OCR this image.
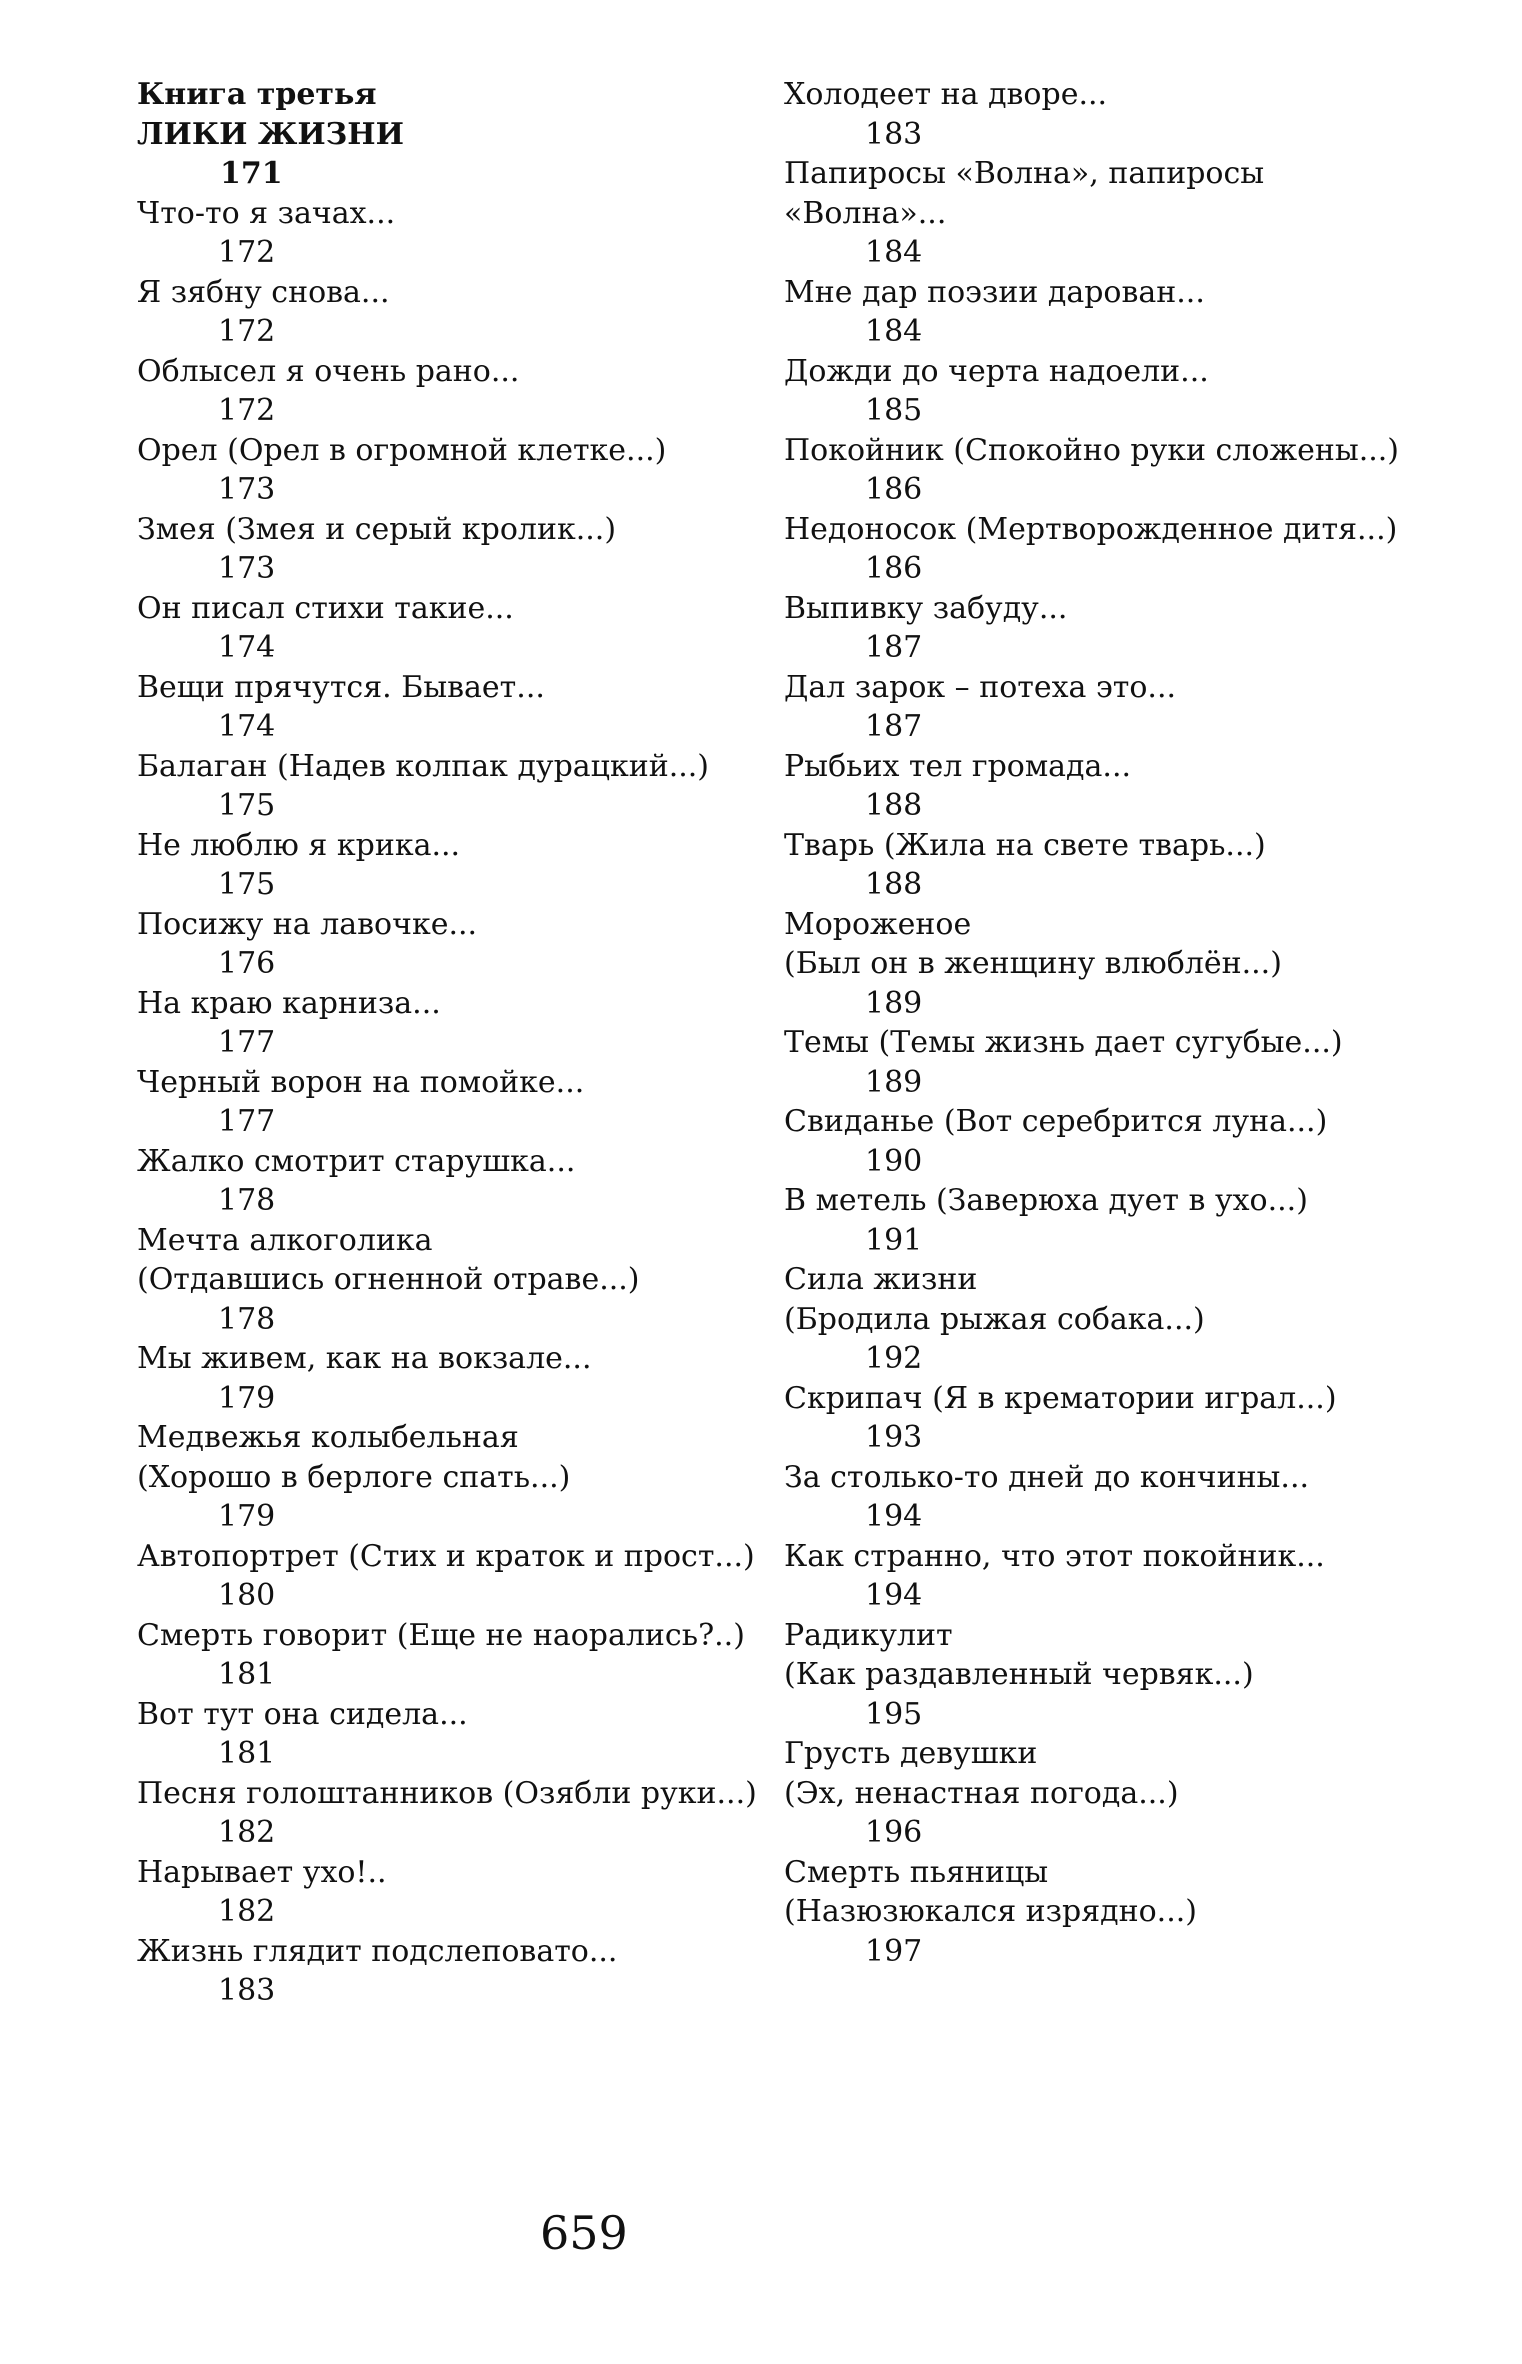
Книга третья
ЛИКИ ЖИЗНИ
171
Что-то я зачах...
172
Я зябну снова...
172
Облысел я очень рано...
172
Орел (Орел в огромной клетке...)
173
Змея (Змея и серый кролик...)
173
Он писал стихи такие...
174
Вещи прячутся. Бывает...
174
Балаган (Надев колпак дурацкий...)
175
Не люблю я крика...
175
Посижу на лавочке...
176
На краю карниза...
177
Черный ворон на помойке...
177
Жалко смотрит старушка...
178
Мечта алкоголика
(Отдавшись огненной отраве...)
178
Мы живем, как на вокзале...
179
Медвежья колыбельная
(Хорошо в берлоге спать...)
179
Автопортрет (Стих и краток и прост...)
180
Смерть говорит (Еще не наорались?..)
181
Вот тут она сидела...
181
Песня голоштанников (Озябли руки...)
182
Нарывает ухо!..
182
Жизнь глядит подслеповато...
183
Холодеет на дворе...
183
Папиросы «Волна», папиросы
«Волна»...
184
Мне дар поэзии дарован...
184
Дожди до черта надоели...
185
Покойник (Спокойно руки сложены...)
186
Недоносок (Мертворожденное дитя...)
186
Выпивку забуду...
187
Дал зарок – потеха это...
187
Рыбьих тел громада...
188
Тварь (Жила на свете тварь...)
188
Мороженое
(Был он в женщину влюблён...)
189
Темы (Темы жизнь дает сугубые...)
189
Свиданье (Вот серебрится луна...)
190
В метель (Заверюха дует в ухо...)
191
Сила жизни
(Бродила рыжая собака...)
192
Скрипач (Я в крематории играл...)
193
За столько-то дней до кончины...
194
Как странно, что этот покойник...
194
Радикулит
(Как раздавленный червяк...)
195
Грусть девушки
(Эх, ненастная погода...)
196
Смерть пьяницы
(Назюзюкался изрядно...)
197
659
